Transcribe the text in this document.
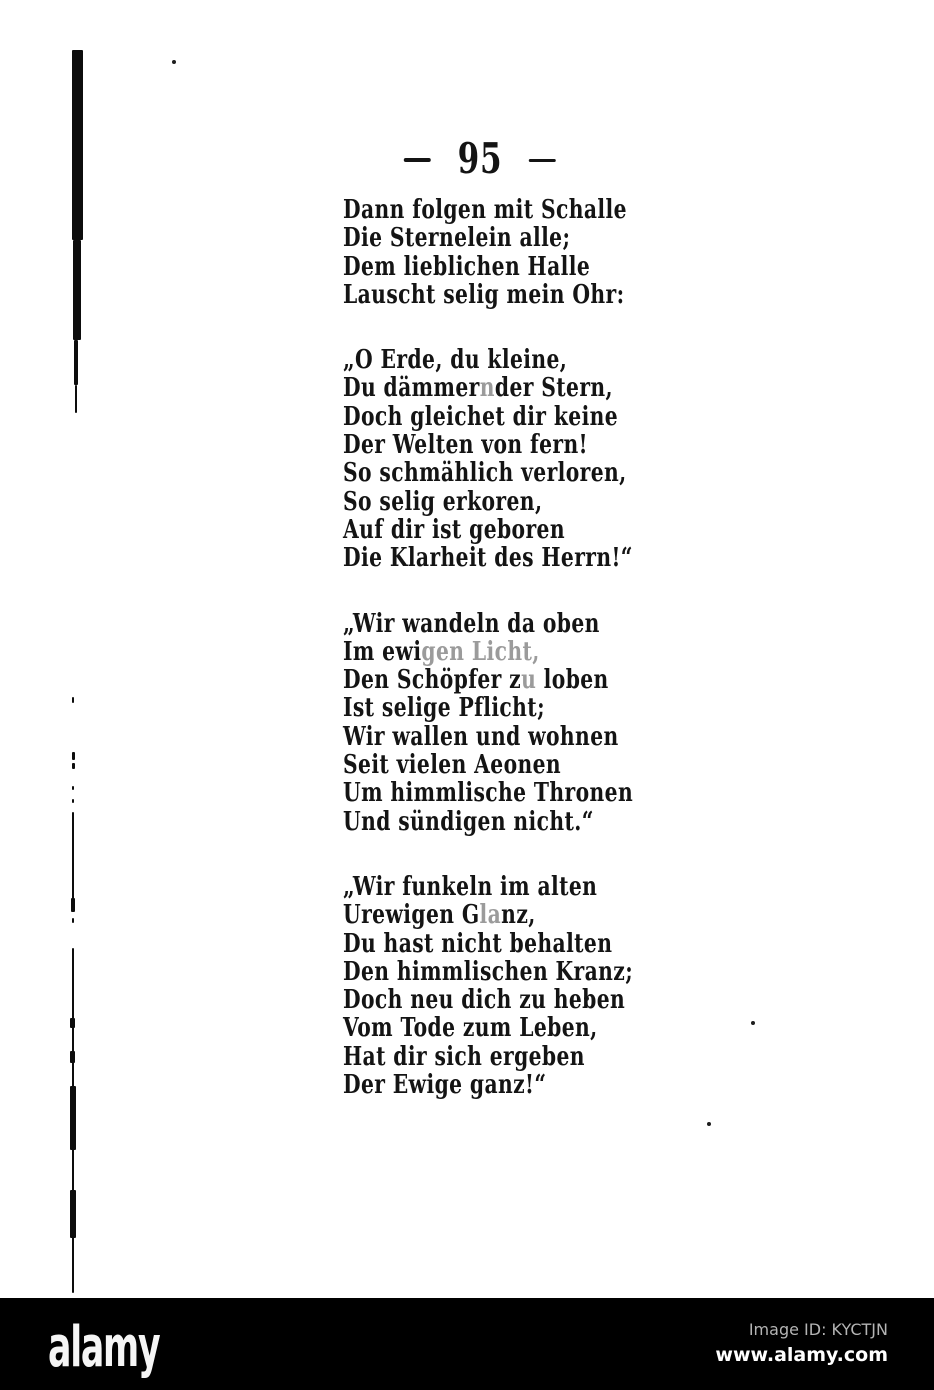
95
Dann folgen mit Schalle
Die Sternelein alle;
Dem lieblichen Halle
Lauscht selig mein Ohr:
„O Erde, du kleine,
Du dämmernder Stern,
Doch gleichet dir keine
Der Welten von fern!
So schmählich verloren,
So selig erkoren,
Auf dir ist geboren
Die Klarheit des Herrn!“
„Wir wandeln da oben
Im ewigen Licht,
Den Schöpfer zu loben
Ist selige Pflicht;
Wir wallen und wohnen
Seit vielen Aeonen
Um himmlische Thronen
Und sündigen nicht.“
„Wir funkeln im alten
Urewigen Glanz,
Du hast nicht behalten
Den himmlischen Kranz;
Doch neu dich zu heben
Vom Tode zum Leben,
Hat dir sich ergeben
Der Ewige ganz!“
alamy	Image ID: KYCTJN
www.alamy.com
